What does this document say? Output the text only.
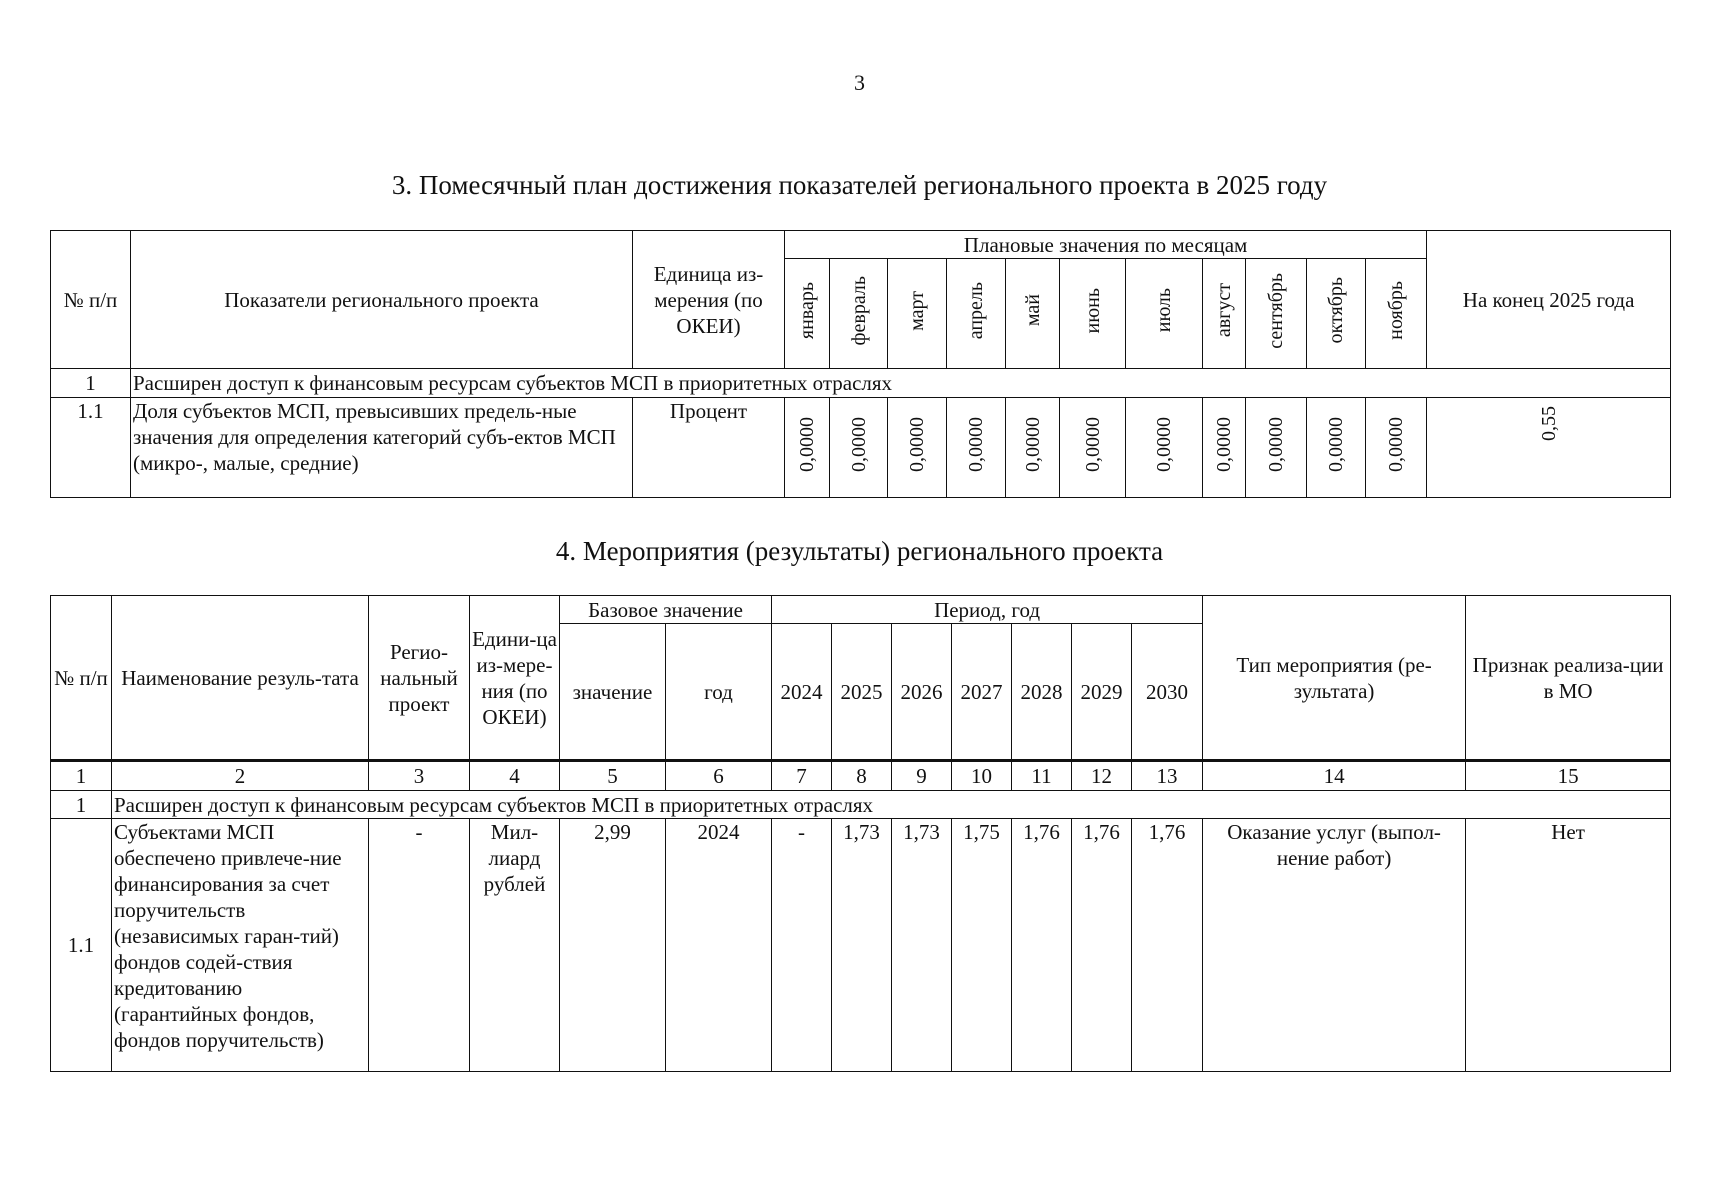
3
3. Помесячный план достижения показателей регионального проекта в 2025 году
№ п/п	Показатели регионального проекта	Единица из-мерения (по ОКЕИ)	Плановые значения по месяцам											На конец 2025 года
			январь	февраль	март	апрель	май	июнь	июль	август	сентябрь	октябрь	ноябрь	
1	Расширен доступ к финансовым ресурсам субъектов МСП в приоритетных отраслях													
1.1	Доля субъектов МСП, превысивших предель-ные значения для определения категорий субъ-ектов МСП (микро-, малые, средние)	Процент	0,0000	0,0000	0,0000	0,0000	0,0000	0,0000	0,0000	0,0000	0,0000	0,0000	0,0000	0,55
4. Мероприятия (результаты) регионального проекта
№ п/п	Наименование резуль-тата	Регио-нальный проект	Едини-ца из-мере-ния (по ОКЕИ)	Базовое значение		Период, год							Тип мероприятия (ре-зультата)	Признак реализа-ции в МО
				значение	год	2024	2025	2026	2027	2028	2029	2030		
1	2	3	4	5	6	7	8	9	10	11	12	13	14	15
1	Расширен доступ к финансовым ресурсам субъектов МСП в приоритетных отраслях													
1.1	Субъектами МСП обеспечено привлече-ние финансирования за счет поручительств (независимых гаран-тий) фондов содей-ствия кредитованию (гарантийных фондов, фондов поручительств)	-	Мил-лиард рублей	2,99	2024	-	1,73	1,73	1,75	1,76	1,76	1,76	Оказание услуг (выпол-нение работ)	Нет
